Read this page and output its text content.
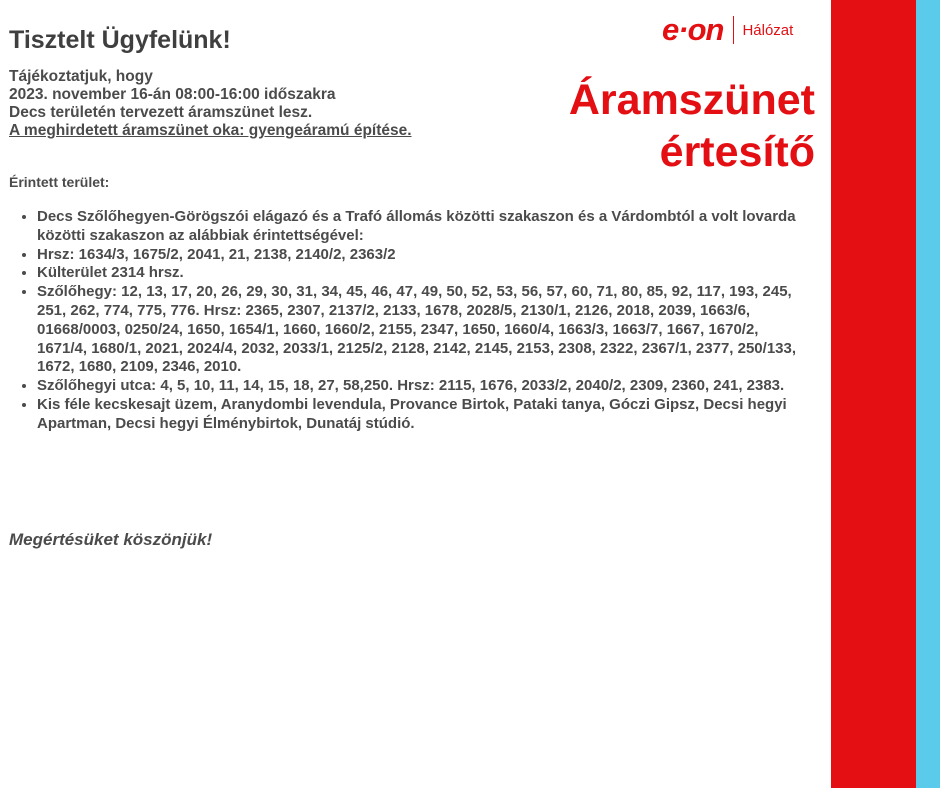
e·on Hálózat
Áramszünet
értesítő
Tisztelt Ügyfelünk!
Tájékoztatjuk, hogy
2023. november 16-án 08:00-16:00 időszakra
Decs területén tervezett áramszünet lesz.
A meghirdetett áramszünet oka: gyengeáramú építése.
Érintett terület:
• Decs Szőlőhegyen-Görögszói elágazó és a Trafó állomás közötti szakaszon és a Várdombtól a volt lovarda közötti szakaszon az alábbiak érintettségével:
• Hrsz: 1634/3, 1675/2, 2041, 21, 2138, 2140/2, 2363/2
• Külterület 2314 hrsz.
• Szőlőhegy: 12, 13, 17, 20, 26, 29, 30, 31, 34, 45, 46, 47, 49, 50, 52, 53, 56, 57, 60, 71, 80, 85, 92, 117, 193, 245, 251, 262, 774, 775, 776. Hrsz: 2365, 2307, 2137/2, 2133, 1678, 2028/5, 2130/1, 2126, 2018, 2039, 1663/6, 01668/0003, 0250/24, 1650, 1654/1, 1660, 1660/2, 2155, 2347, 1650, 1660/4, 1663/3, 1663/7, 1667, 1670/2, 1671/4, 1680/1, 2021, 2024/4, 2032, 2033/1, 2125/2, 2128, 2142, 2145, 2153, 2308, 2322, 2367/1, 2377, 250/133, 1672, 1680, 2109, 2346, 2010.
• Szőlőhegyi utca: 4, 5, 10, 11, 14, 15, 18, 27, 58,250. Hrsz: 2115, 1676, 2033/2, 2040/2, 2309, 2360, 241, 2383.
• Kis féle kecskesajt üzem, Aranydombi levendula, Provance Birtok, Pataki tanya, Góczi Gipsz, Decsi hegyi Apartman, Decsi hegyi Élménybirtok, Dunatáj stúdió.
Megértésüket köszönjük!
